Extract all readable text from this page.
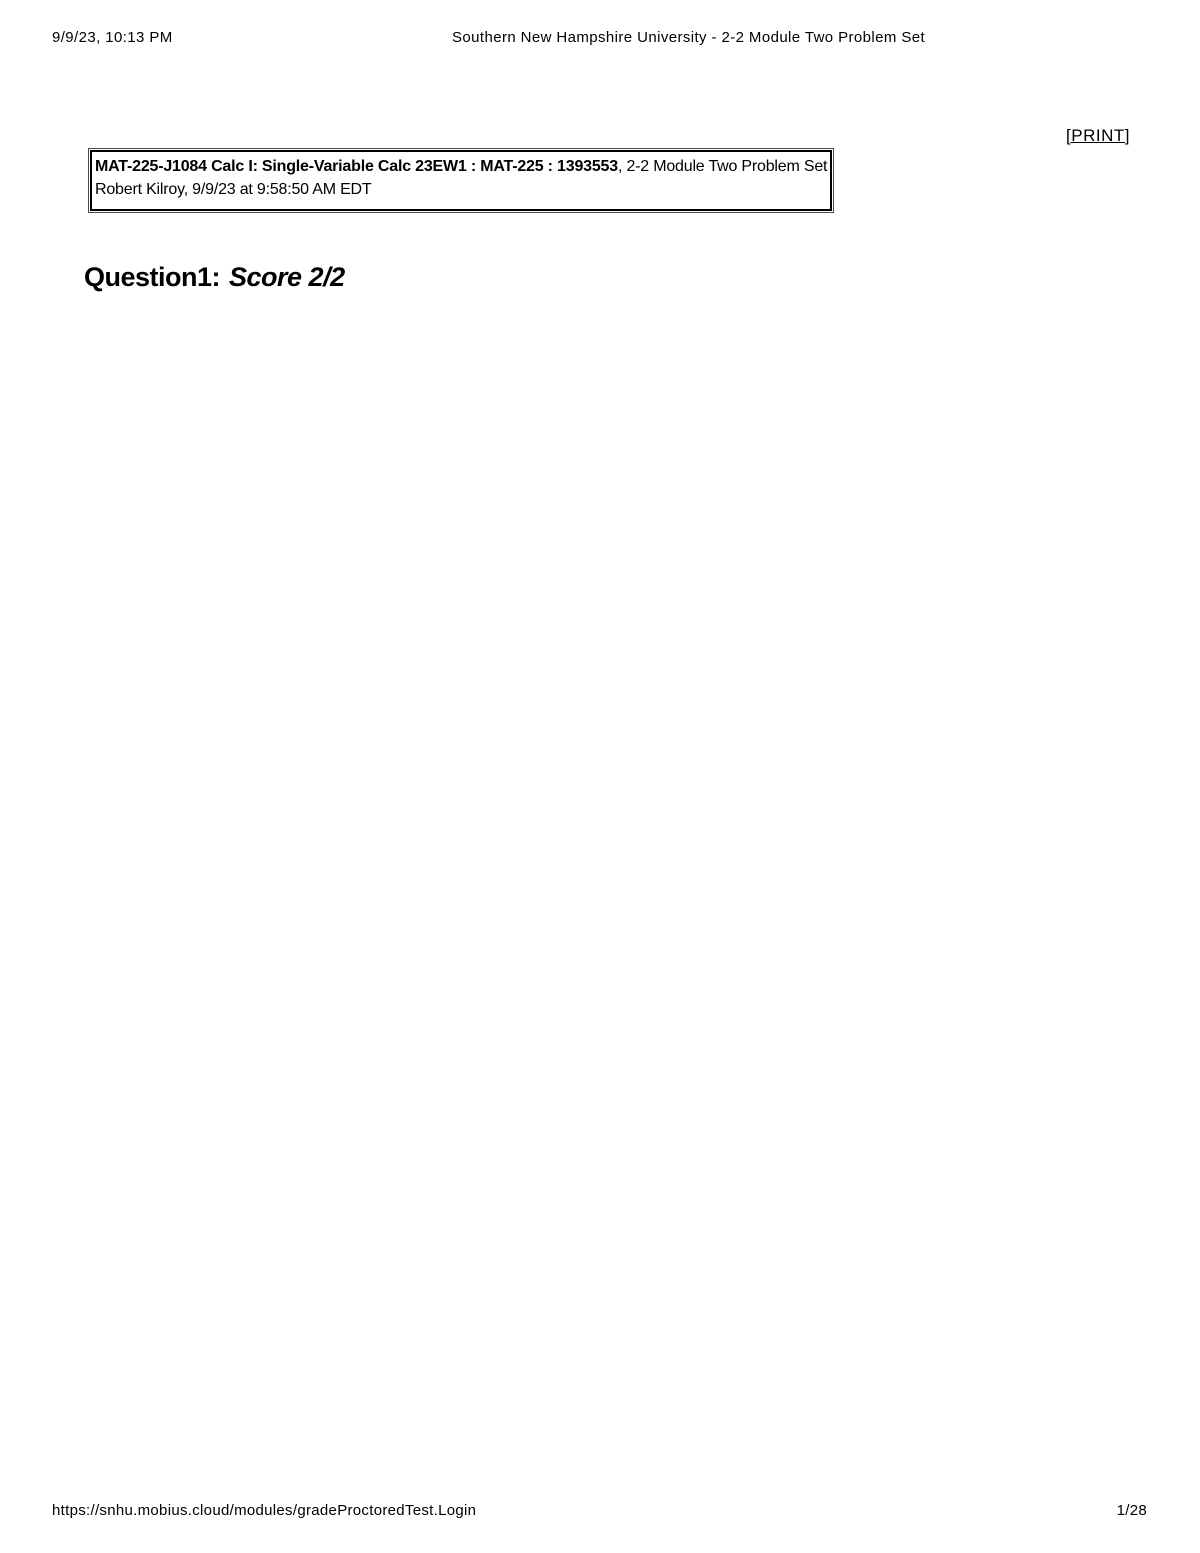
9/9/23, 10:13 PM	Southern New Hampshire University - 2-2 Module Two Problem Set
[PRINT]
MAT-225-J1084 Calc I: Single-Variable Calc 23EW1 : MAT-225 : 1393553, 2-2 Module Two Problem Set
Robert Kilroy, 9/9/23 at 9:58:50 AM EDT
Question1: Score 2/2
https://snhu.mobius.cloud/modules/gradeProctoredTest.Login	1/28
